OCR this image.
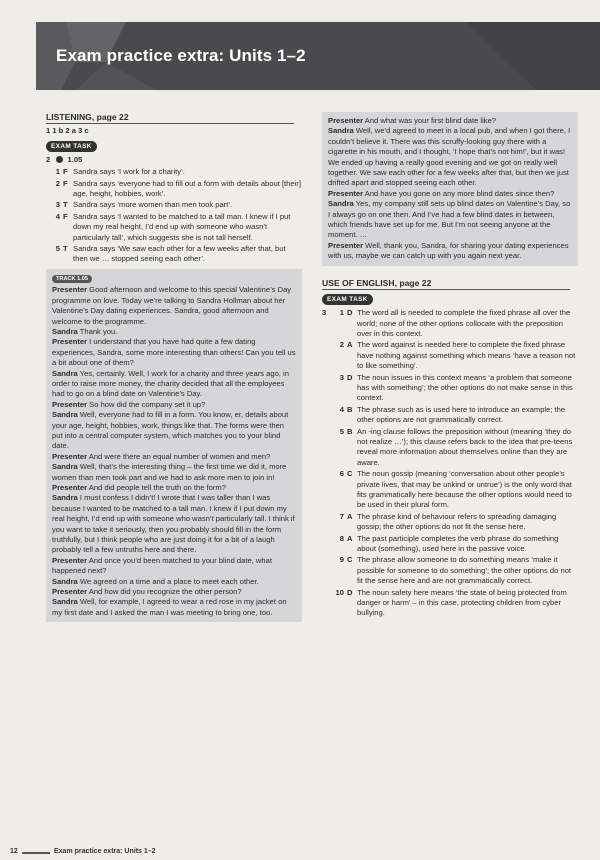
Exam practice extra: Units 1–2

LISTENING, page 22

1 1 b 2 a 3 c
EXAM TASK
2 1.05
1 F Sandra says ‘I work for a charity’.
2 F Sandra says ‘everyone had to fill out a form with details about [their] age, height, hobbies, work’.
3 T Sandra says ‘more women than men took part’.
4 F Sandra says ‘I wanted to be matched to a tall man. I knew if I put down my real height, I’d end up with someone who wasn’t particularly tall’, which suggests she is not tall herself.
5 T Sandra says ‘We saw each other for a few weeks after that, but then we … stopped seeing each other’.
TRACK 1.05

Presenter Good afternoon and welcome to this special Valentine’s Day programme on love. Today we’re talking to Sandra Hollman about her Valentine’s Day dating experiences. Sandra, good afternoon and welcome to the programme.

Sandra Thank you.

Presenter I understand that you have had quite a few dating experiences, Sandra, some more interesting than others! Can you tell us a bit about one of them?

Sandra Yes, certainly. Well, I work for a charity and three years ago, in order to raise more money, the charity decided that all the employees had to go on a blind date on Valentine’s Day.

Presenter So how did the company set it up?

Sandra Well, everyone had to fill in a form. You know, er, details about your age, height, hobbies, work, things like that. The forms were then put into a central computer system, which matches you to your blind date.

Presenter And were there an equal number of women and men?

Sandra Well, that’s the interesting thing – the first time we did it, more women than men took part and we had to ask more men to join in!

Presenter And did people tell the truth on the form?

Sandra I must confess I didn’t! I wrote that I was taller than I was because I wanted to be matched to a tall man. I knew if I put down my real height, I’d end up with someone who wasn’t particularly tall. I think if you want to take it seriously, then you probably should fill in the form truthfully, but I think people who are just doing it for a bit of a laugh probably tell a few untruths here and there.

Presenter And once you’d been matched to your blind date, what happened next?

Sandra We agreed on a time and a place to meet each other.

Presenter And how did you recognize the other person?

Sandra Well, for example, I agreed to wear a red rose in my jacket on my first date and I asked the man I was meeting to bring one, too.

Presenter And what was your first blind date like?

Sandra Well, we’d agreed to meet in a local pub, and when I got there, I couldn’t believe it. There was this scruffy-looking guy there with a cigarette in his mouth, and I thought, ‘I hope that’s not him!’, but it was! We ended up having a really good evening and we got on really well together. We saw each other for a few weeks after that, but then we just drifted apart and stopped seeing each other.

Presenter And have you gone on any more blind dates since then?

Sandra Yes, my company still sets up blind dates on Valentine’s Day, so I always go on one then. And I’ve had a few blind dates in between, which friends have set up for me. But I’m not seeing anyone at the moment. …

Presenter Well, thank you, Sandra, for sharing your dating experiences with us, maybe we can catch up with you again next year.

USE OF ENGLISH, page 22

EXAM TASK
3	1 D The word all is needed to complete the fixed phrase all over the world; none of the other options collocate with the preposition over in this context.
2 A The word against is needed here to complete the fixed phrase have nothing against something which means ‘have a reason not to like something’.
3 D The noun issues in this context means ‘a problem that someone has with something’; the other options do not make sense in this context.
4 B The phrase such as is used here to introduce an example; the other options are not grammatically correct.
5 B An -ing clause follows the preposition without (meaning ‘they do not realize …’); this clause refers back to the idea that pre-teens reveal more information about themselves online than they are aware.
6 C The noun gossip (meaning ‘conversation about other people’s private lives, that may be unkind or untrue’) is the only word that fits grammatically here because the other options would need to be used in their plural form.
7 A The phrase kind of behaviour refers to spreading damaging gossip; the other options do not fit the sense here.
8 A The past participle completes the verb phrase do something about (something), used here in the passive voice.
9 C The phrase allow someone to do something means ‘make it possible for someone to do something’; the other options do not fit the sense here and are not grammatically correct.
10 D The noun safety here means ‘the state of being protected from danger or harm’ – in this case, protecting children from cyber bullying.
12	Exam practice extra: Units 1–2
